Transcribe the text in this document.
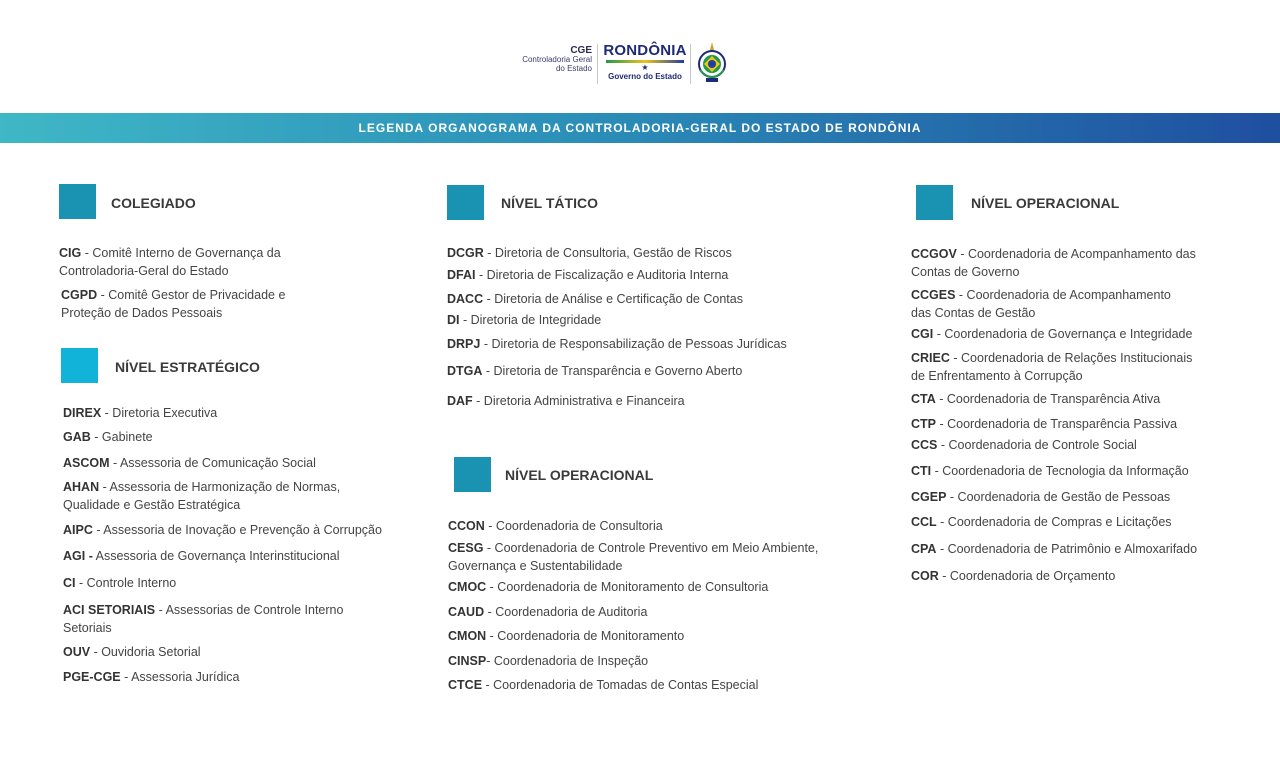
CGE
Controladoria Geral
do Estado
RONDÔNIA
★
Governo do Estado
LEGENDA ORGANOGRAMA DA CONTROLADORIA-GERAL DO ESTADO DE RONDÔNIA
COLEGIADO
CIG - Comitê Interno de Governança da
Controladoria-Geral do Estado
CGPD - Comitê Gestor de Privacidade e
Proteção de Dados Pessoais
NÍVEL ESTRATÉGICO
DIREX - Diretoria Executiva
GAB - Gabinete
ASCOM - Assessoria de Comunicação Social
AHAN - Assessoria de Harmonização de Normas,
Qualidade e Gestão Estratégica
AIPC - Assessoria de Inovação e Prevenção à Corrupção
AGI - Assessoria de Governança Interinstitucional
CI - Controle Interno
ACI SETORIAIS - Assessorias de Controle Interno
Setoriais
OUV - Ouvidoria Setorial
PGE-CGE - Assessoria Jurídica
NÍVEL TÁTICO
DCGR - Diretoria de Consultoria, Gestão de Riscos
DFAI - Diretoria de Fiscalização e Auditoria Interna
DACC - Diretoria de Análise e Certificação de Contas
DI - Diretoria de Integridade
DRPJ - Diretoria de Responsabilização de Pessoas Jurídicas
DTGA - Diretoria de Transparência e Governo Aberto
DAF - Diretoria Administrativa e Financeira
NÍVEL OPERACIONAL
CCON - Coordenadoria de Consultoria
CESG - Coordenadoria de Controle Preventivo em Meio Ambiente,
Governança e Sustentabilidade
CMOC - Coordenadoria de Monitoramento de Consultoria
CAUD - Coordenadoria de Auditoria
CMON - Coordenadoria de Monitoramento
CINSP- Coordenadoria de Inspeção
CTCE - Coordenadoria de Tomadas de Contas Especial
NÍVEL OPERACIONAL
CCGOV - Coordenadoria de Acompanhamento das
Contas de Governo
CCGES - Coordenadoria de Acompanhamento
das Contas de Gestão
CGI - Coordenadoria de Governança e Integridade
CRIEC - Coordenadoria de Relações Institucionais
de Enfrentamento à Corrupção
CTA - Coordenadoria de Transparência Ativa
CTP - Coordenadoria de Transparência Passiva
CCS - Coordenadoria de Controle Social
CTI - Coordenadoria de Tecnologia da Informação
CGEP - Coordenadoria de Gestão de Pessoas
CCL - Coordenadoria de Compras e Licitações
CPA - Coordenadoria de Patrimônio e Almoxarifado
COR - Coordenadoria de Orçamento
